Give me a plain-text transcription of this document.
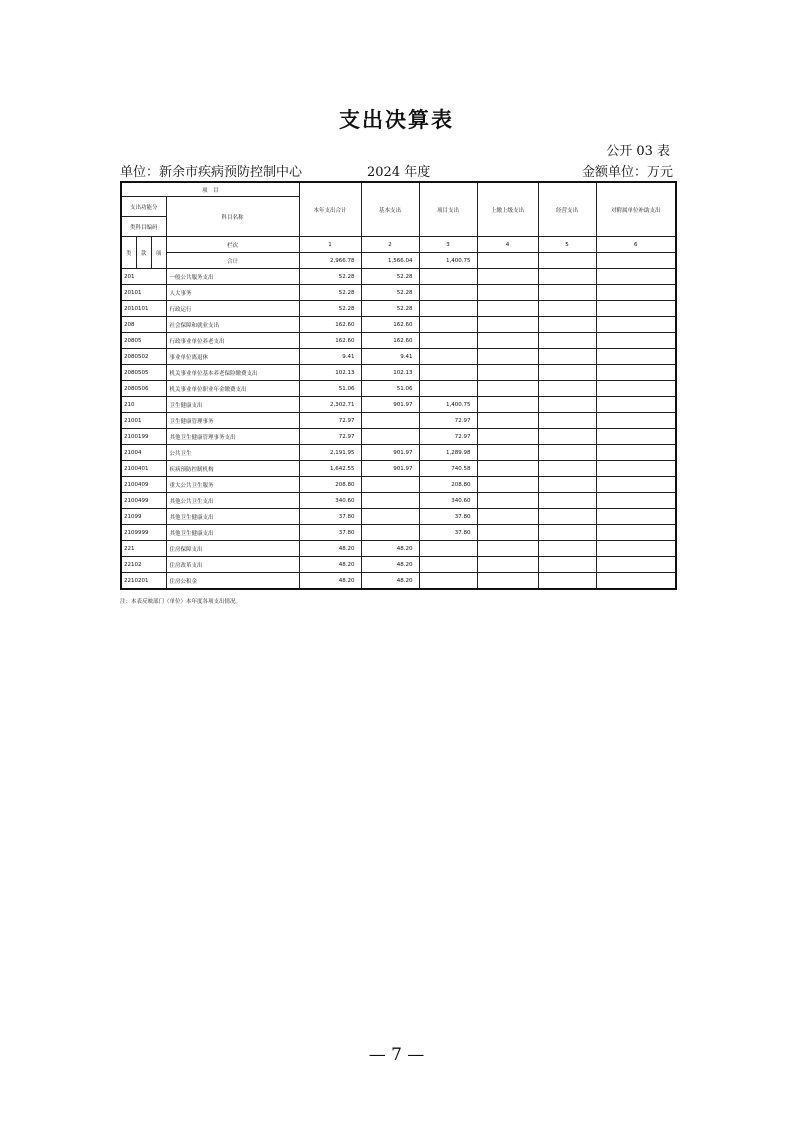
支出决算表
公开 03 表
单位：新余市疾病预防控制中心	2024 年度	金额单位：万元
项　目				本年支出合计	基本支出	项目支出	上缴上级支出	经营支出	对附属单位补助支出
支出功能分			科目名称						
类科目编码									
类	款	项	栏次	1	2	3	4	5	6
			合计	2,966.78	1,566.04	1,400.75			
201			一般公共服务支出	52.28	52.28				
20101			人大事务	52.28	52.28				
2010101			行政运行	52.28	52.28				
208			社会保障和就业支出	162.60	162.60				
20805			行政事业单位养老支出	162.60	162.60				
2080502			事业单位离退休	9.41	9.41				
2080505			机关事业单位基本养老保险缴费支出	102.13	102.13				
2080506			机关事业单位职业年金缴费支出	51.06	51.06				
210			卫生健康支出	2,302.71	901.97	1,400.75			
21001			卫生健康管理事务	72.97		72.97			
2100199			其他卫生健康管理事务支出	72.97		72.97			
21004			公共卫生	2,191.95	901.97	1,289.98			
2100401			疾病预防控制机构	1,642.55	901.97	740.58			
2100409			重大公共卫生服务	208.80		208.80			
2100499			其他公共卫生支出	340.60		340.60			
21099			其他卫生健康支出	37.80		37.80			
2109999			其他卫生健康支出	37.80		37.80			
221			住房保障支出	48.20	48.20				
22102			住房改革支出	48.20	48.20				
2210201			住房公积金	48.20	48.20				
注：本表反映部门（单位）本年度各项支出情况。
— 7 —
